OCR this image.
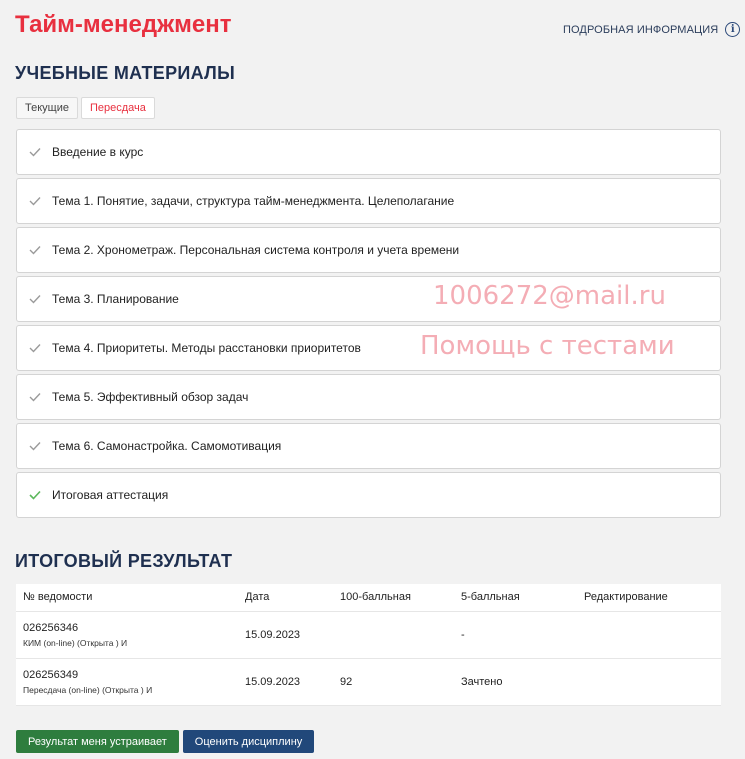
Тайм-менеджмент	ПОДРОБНАЯ ИНФОРМАЦИЯ	i
УЧЕБНЫЕ МАТЕРИАЛЫ
Текущие	Пересдача
Введение в курс
Тема 1. Понятие, задачи, структура тайм-менеджмента. Целеполагание
Тема 2. Хронометраж. Персональная система контроля и учета времени
Тема 3. Планирование
Тема 4. Приоритеты. Методы расстановки приоритетов
Тема 5. Эффективный обзор задач
Тема 6. Самонастройка. Самомотивация
Итоговая аттестация
1006272@mail.ru
Помощь с тестами
ИТОГОВЫЙ РЕЗУЛЬТАТ
№ ведомости	Дата	100-балльная	5-балльная	Редактирование
026256346
КИМ (on-line) (Открыта ) И	15.09.2023		-	
026256349
Пересдача (on-line) (Открыта ) И	15.09.2023	92	Зачтено	
Результат меня устраивает	Оценить дисциплину
